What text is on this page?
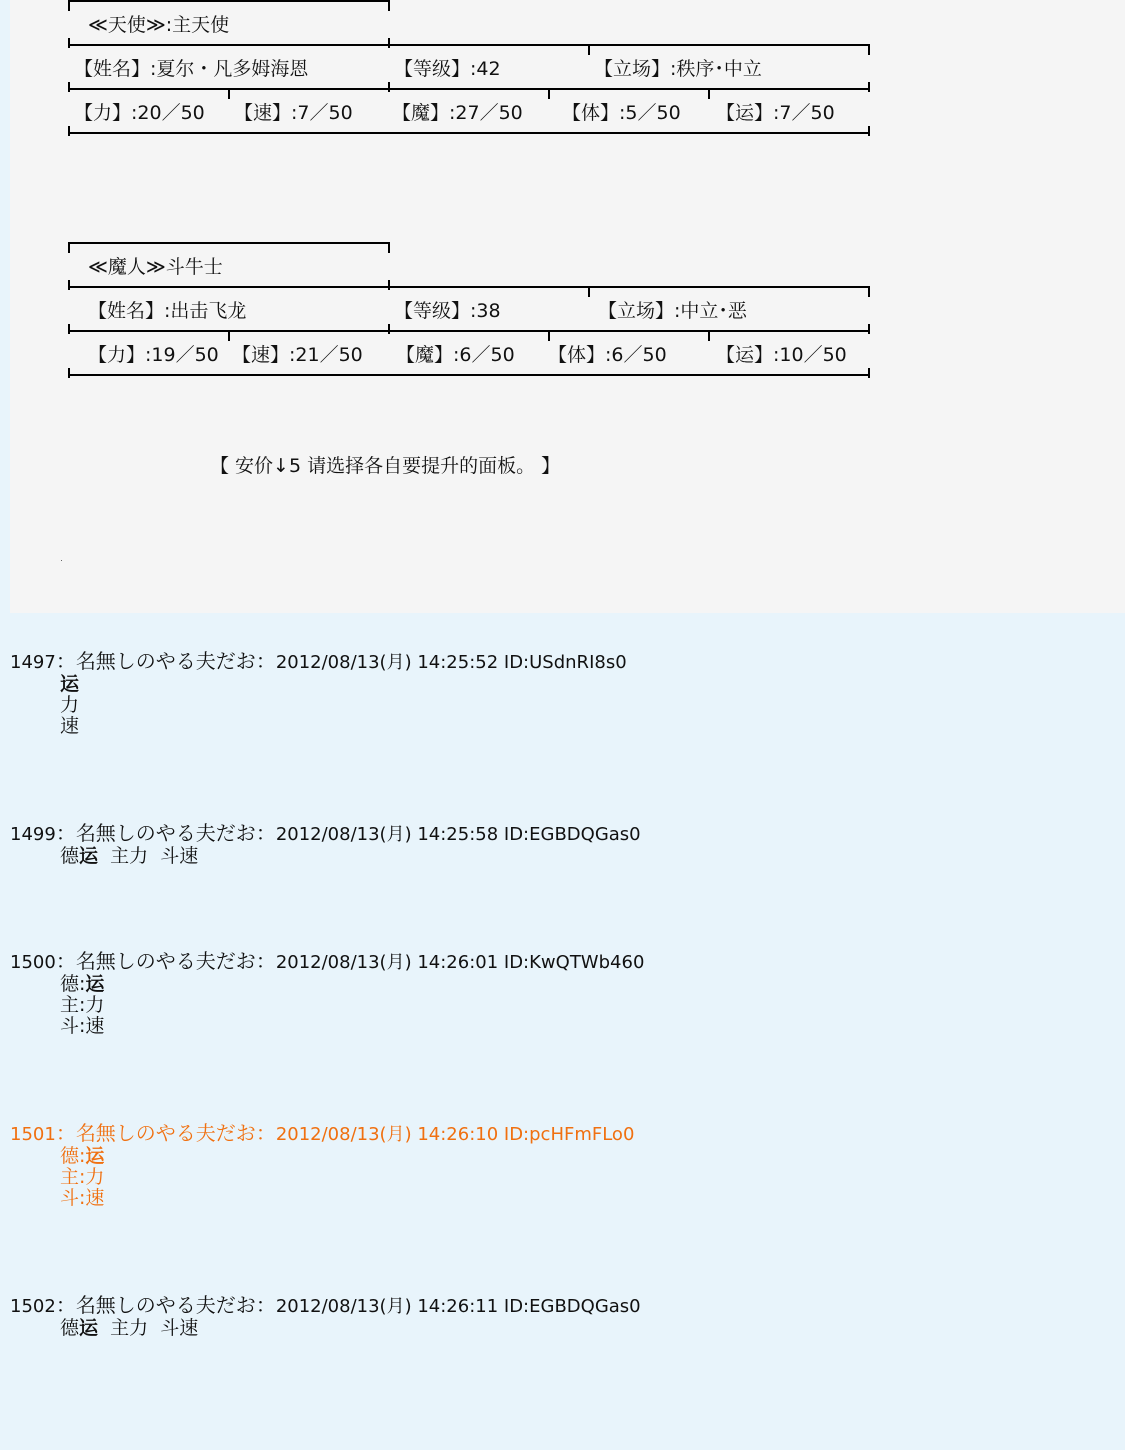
≪天使≫:主天使
【姓名】:夏尔・凡多姆海恩	【等级】:42	【立场】:秩序･中立
【力】:20／50 【速】:7／50 【魔】:27／50 【体】:5／50 【运】:7／50
≪魔人≫斗牛士
【姓名】:出击飞龙	【等级】:38	【立场】:中立･恶
【力】:19／50 【速】:21／50 【魔】:6／50 【体】:6／50	【运】:10／50
【 安价↓5 请选择各自要提升的面板。 】
1497：名無しのやる夫だお：2012/08/13(月) 14:25:52 ID:USdnRI8s0
运
力
速
1499：名無しのやる夫だお：2012/08/13(月) 14:25:58 ID:EGBDQGas0
德运  主力  斗速
1500：名無しのやる夫だお：2012/08/13(月) 14:26:01 ID:KwQTWb460
德:运
主:力
斗:速
1501：名無しのやる夫だお：2012/08/13(月) 14:26:10 ID:pcHFmFLo0
德:运
主:力
斗:速
1502：名無しのやる夫だお：2012/08/13(月) 14:26:11 ID:EGBDQGas0
德运  主力  斗速
